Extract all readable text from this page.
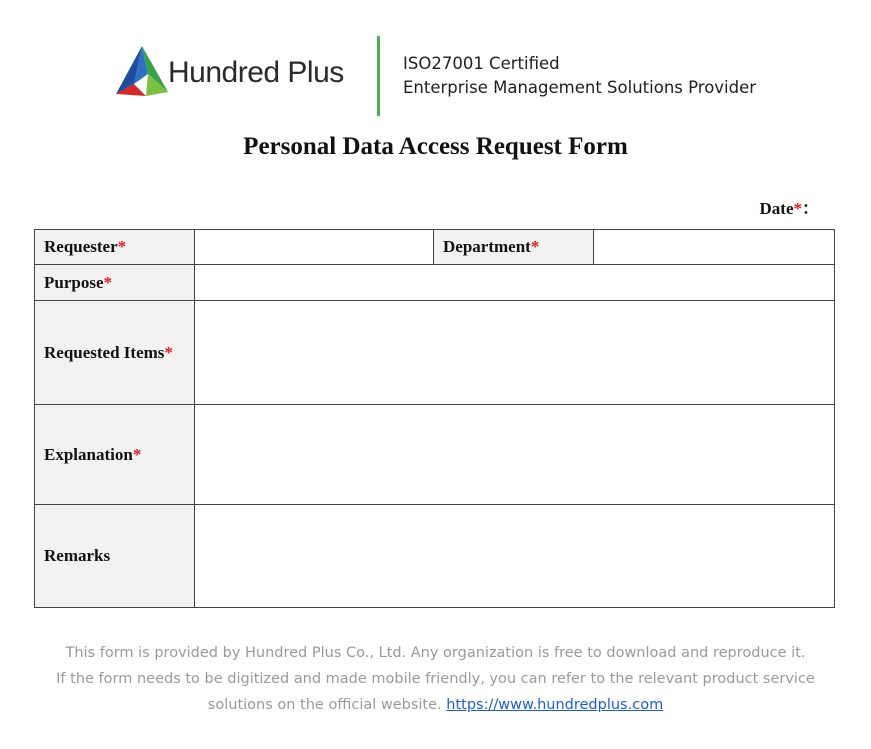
Hundred Plus	ISO27001 Certified
Enterprise Management Solutions Provider
Personal Data Access Request Form
Date*：
Requester*		Department*	
Purpose*			
Requested Items*			
Explanation*			
Remarks			
This form is provided by Hundred Plus Co., Ltd. Any organization is free to download and reproduce it.
If the form needs to be digitized and made mobile friendly, you can refer to the relevant product service
solutions on the official website. https://www.hundredplus.com
